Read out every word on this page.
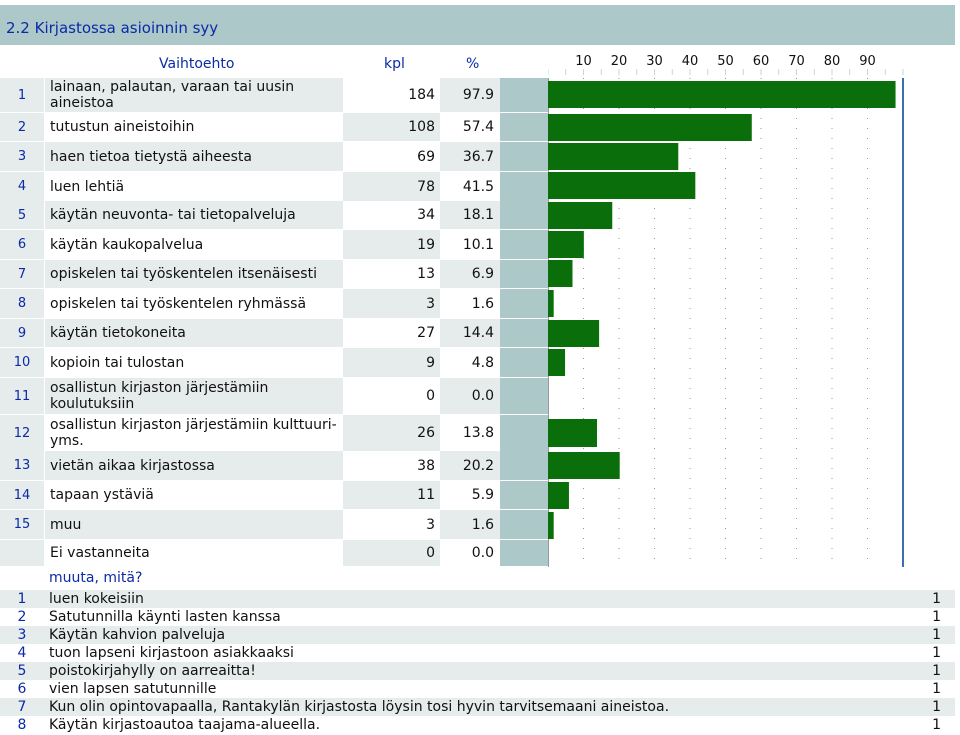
2.2 Kirjastossa asioinnin syy
Vaihtoehto	kpl	%
1	lainaan, palautan, varaan tai uusin aineistoa	184	97.9
2	tutustun aineistoihin	108	57.4
3	haen tietoa tietystä aiheesta	69	36.7
4	luen lehtiä	78	41.5
5	käytän neuvonta- tai tietopalveluja	34	18.1
6	käytän kaukopalvelua	19	10.1
7	opiskelen tai työskentelen itsenäisesti	13	6.9
8	opiskelen tai työskentelen ryhmässä	3	1.6
9	käytän tietokoneita	27	14.4
10	kopioin tai tulostan	9	4.8
11	osallistun kirjaston järjestämiin koulutuksiin	0	0.0
12	osallistun kirjaston järjestämiin kulttuuri- yms.	26	13.8
13	vietän aikaa kirjastossa	38	20.2
14	tapaan ystäviä	11	5.9
15	muu	3	1.6
Ei vastanneita	0	0.0
10 20 30 40 50 60 70 80 90
muuta, mitä?
1	luen kokeisiin	1
2	Satutunnilla käynti lasten kanssa	1
3	Käytän kahvion palveluja	1
4	tuon lapseni kirjastoon asiakkaaksi	1
5	poistokirjahylly on aarreaitta!	1
6	vien lapsen satutunnille	1
7	Kun olin opintovapaalla, Rantakylän kirjastosta löysin tosi hyvin tarvitsemaani aineistoa.	1
8	Käytän kirjastoautoa taajama-alueella.	1
